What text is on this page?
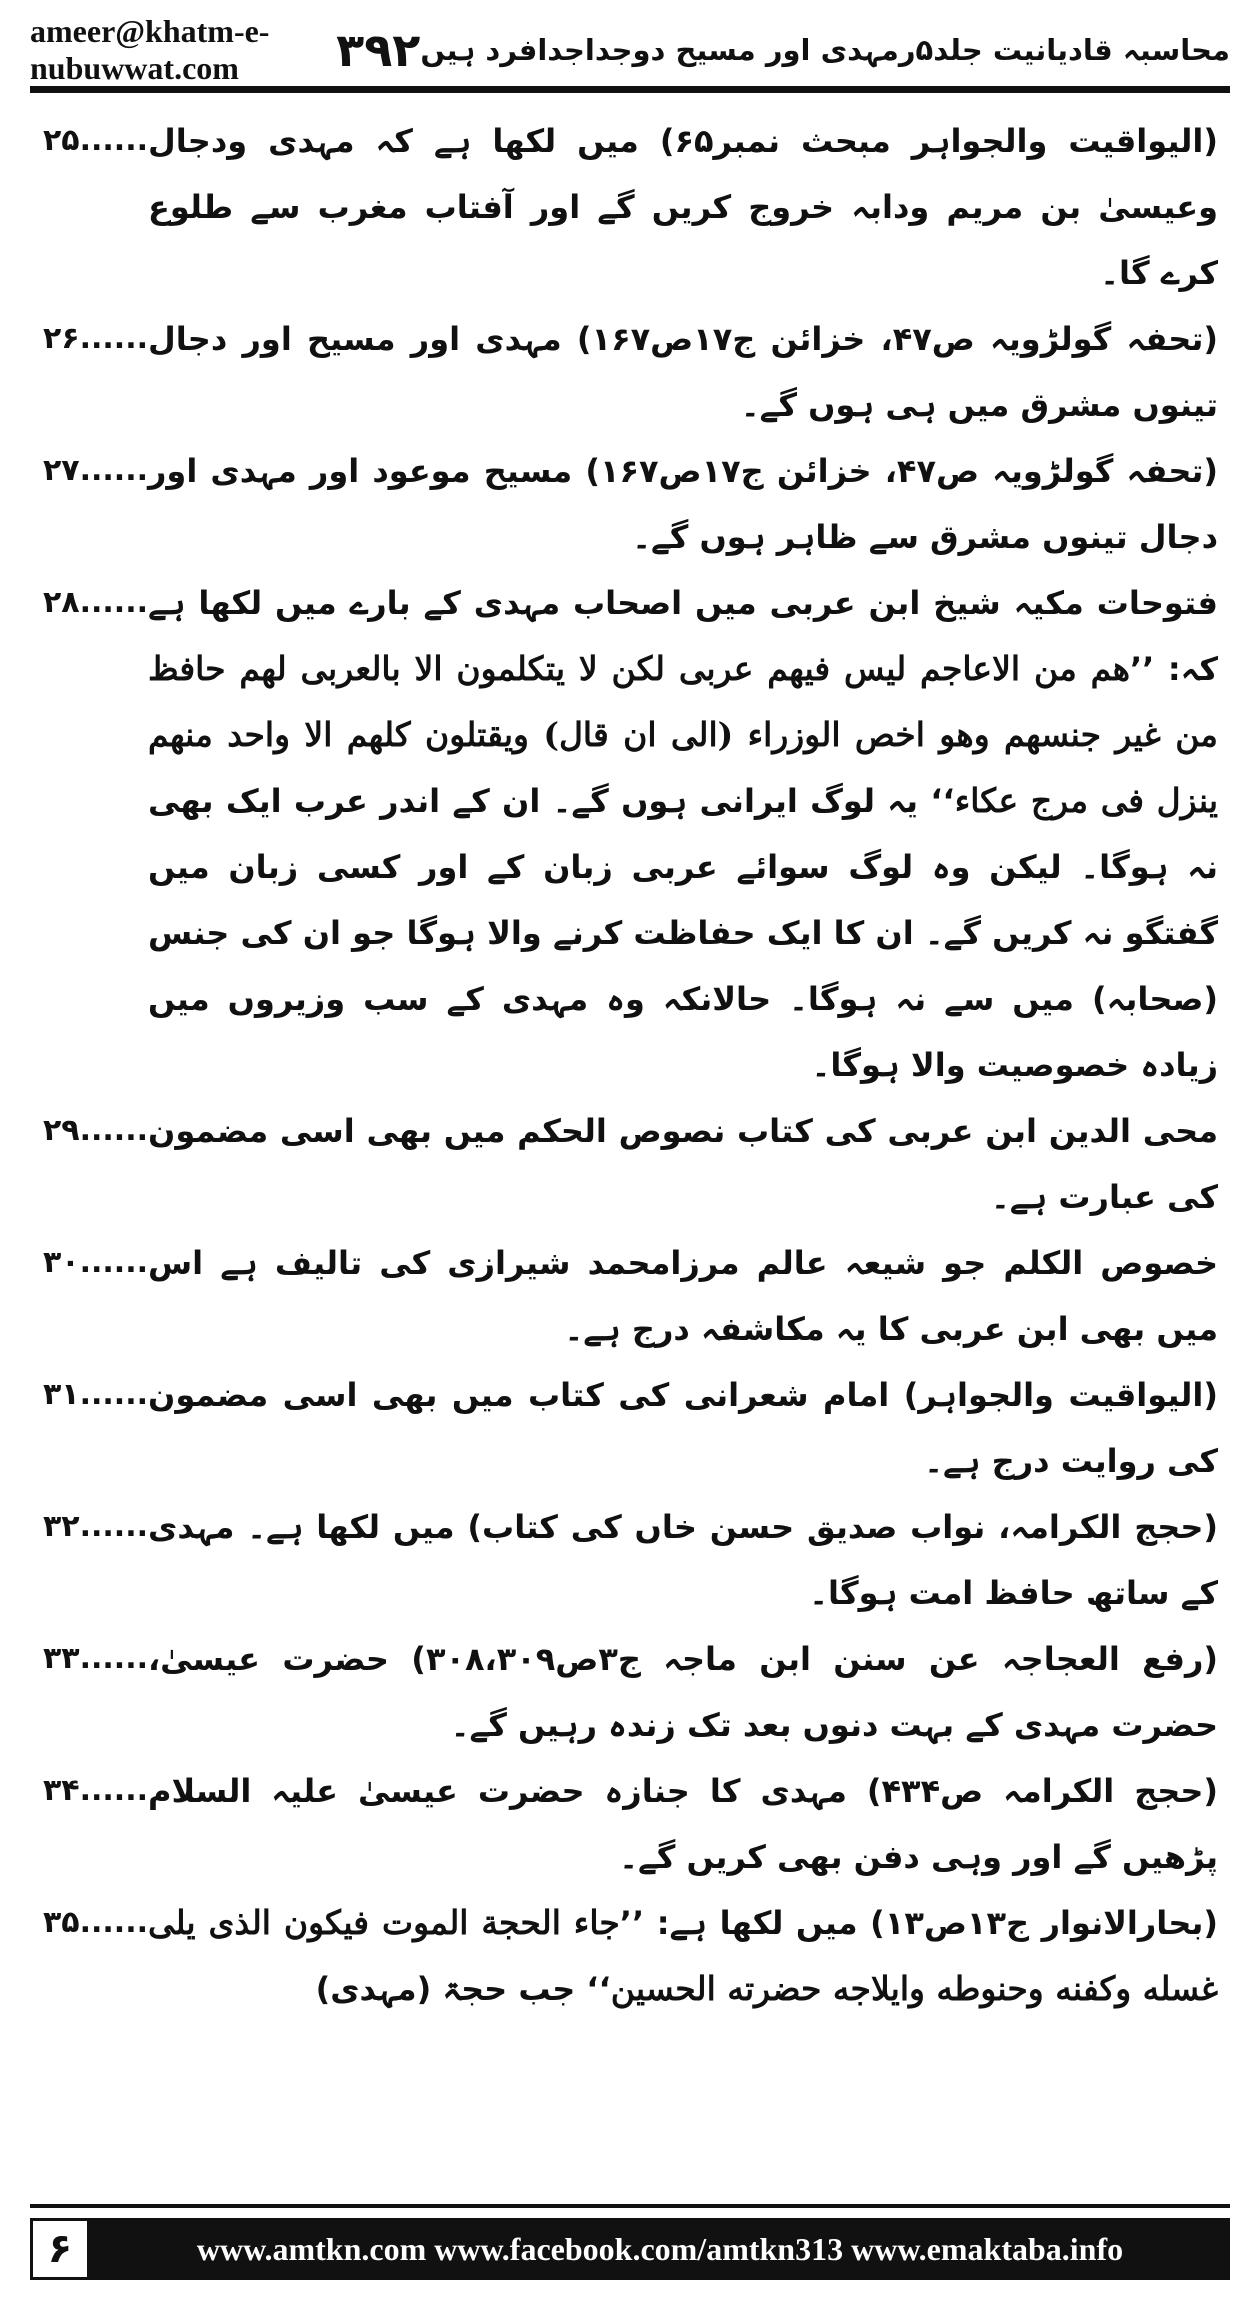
ameer@khatm-e-nubuwwat.com	۳۹۲ محاسبہ قادیانیت جلد۵رمہدی اور مسیح دوجداجدافرد ہیں
(الیواقیت والجواہر مبحث نمبر۶۵) میں لکھا ہے کہ مہدی ودجال وعیسیٰ بن مریم ودابہ خروج کریں گے اور آفتاب مغرب سے طلوع کرے گا۔
۲۵......
(تحفہ گولڑویہ ص۴۷، خزائن ج۱۷ص۱۶۷) مہدی اور مسیح اور دجال تینوں مشرق میں ہی ہوں گے۔
۲۶......
(تحفہ گولڑویہ ص۴۷، خزائن ج۱۷ص۱۶۷) مسیح موعود اور مہدی اور دجال تینوں مشرق سے ظاہر ہوں گے۔
۲۷......
فتوحات مکیہ شیخ ابن عربی میں اصحاب مہدی کے بارے میں لکھا ہے کہ: ’’هم من الاعاجم ليس فيهم عربى لكن لا يتكلمون الا بالعربى لهم حافظ من غير جنسهم وهو اخص الوزراء (الى ان قال) ويقتلون كلهم الا واحد منهم ينزل فى مرج عكاء‘‘ یہ لوگ ایرانی ہوں گے۔ ان کے اندر عرب ایک بھی نہ ہوگا۔ لیکن وہ لوگ سوائے عربی زبان کے اور کسی زبان میں گفتگو نہ کریں گے۔ ان کا ایک حفاظت کرنے والا ہوگا جو ان کی جنس (صحابہ) میں سے نہ ہوگا۔ حالانکہ وہ مہدی کے سب وزیروں میں زیادہ خصوصیت والا ہوگا۔
۲۸......
محی الدین ابن عربی کی کتاب نصوص الحکم میں بھی اسی مضمون کی عبارت ہے۔
۲۹......
خصوص الکلم جو شیعہ عالم مرزامحمد شیرازی کی تالیف ہے اس میں بھی ابن عربی کا یہ مکاشفہ درج ہے۔
۳۰......
(الیواقیت والجواہر) امام شعرانی کی کتاب میں بھی اسی مضمون کی روایت درج ہے۔
۳۱......
(حجج الکرامہ، نواب صدیق حسن خاں کی کتاب) میں لکھا ہے۔ مہدی کے ساتھ حافظ امت ہوگا۔
۳۲......
(رفع العجاجہ عن سنن ابن ماجہ ج۳ص۳۰۸،۳۰۹) حضرت عیسیٰ، حضرت مہدی کے بہت دنوں بعد تک زندہ رہیں گے۔
۳۳......
(حجج الکرامہ ص۴۳۴) مہدی کا جنازہ حضرت عیسیٰ علیہ السلام پڑھیں گے اور وہی دفن بھی کریں گے۔
۳۴......
(بحارالانوار ج۱۳ص۱۳) میں لکھا ہے: ’’جاء الحجة الموت فيكون الذى يلى غسله وكفنه وحنوطه وايلاجه حضرته الحسين‘‘ جب حجۃ (مہدی)
۳۵......
۶	www.amtkn.com www.facebook.com/amtkn313 www.emaktaba.info
